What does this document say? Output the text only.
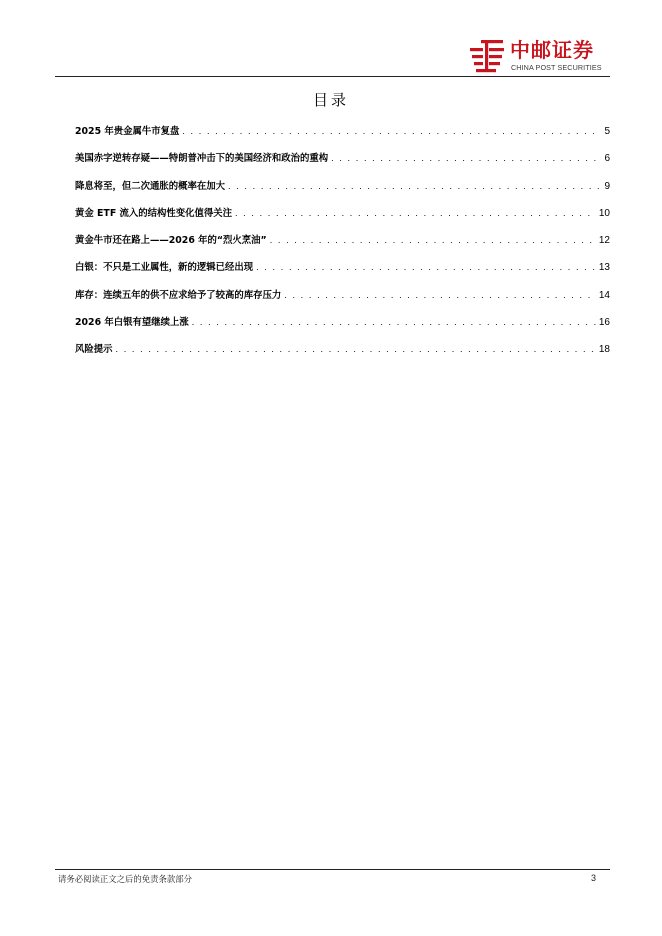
中邮证券
CHINA POST SECURITIES
目录
2025 年贵金属牛市复盘 . . .	5
美国赤字逆转存疑——特朗普冲击下的美国经济和政治的重构 . . .	6
降息将至，但二次通胀的概率在加大 . . .	9
黄金 ETF 流入的结构性变化值得关注 . . .	10
黄金牛市还在路上——2026 年的“烈火烹油” . . .	12
白银：不只是工业属性，新的逻辑已经出现 . . .	13
库存：连续五年的供不应求给予了较高的库存压力 . . .	14
2026 年白银有望继续上涨 . . .	16
风险提示 . . .	18
请务必阅读正文之后的免责条款部分	3
